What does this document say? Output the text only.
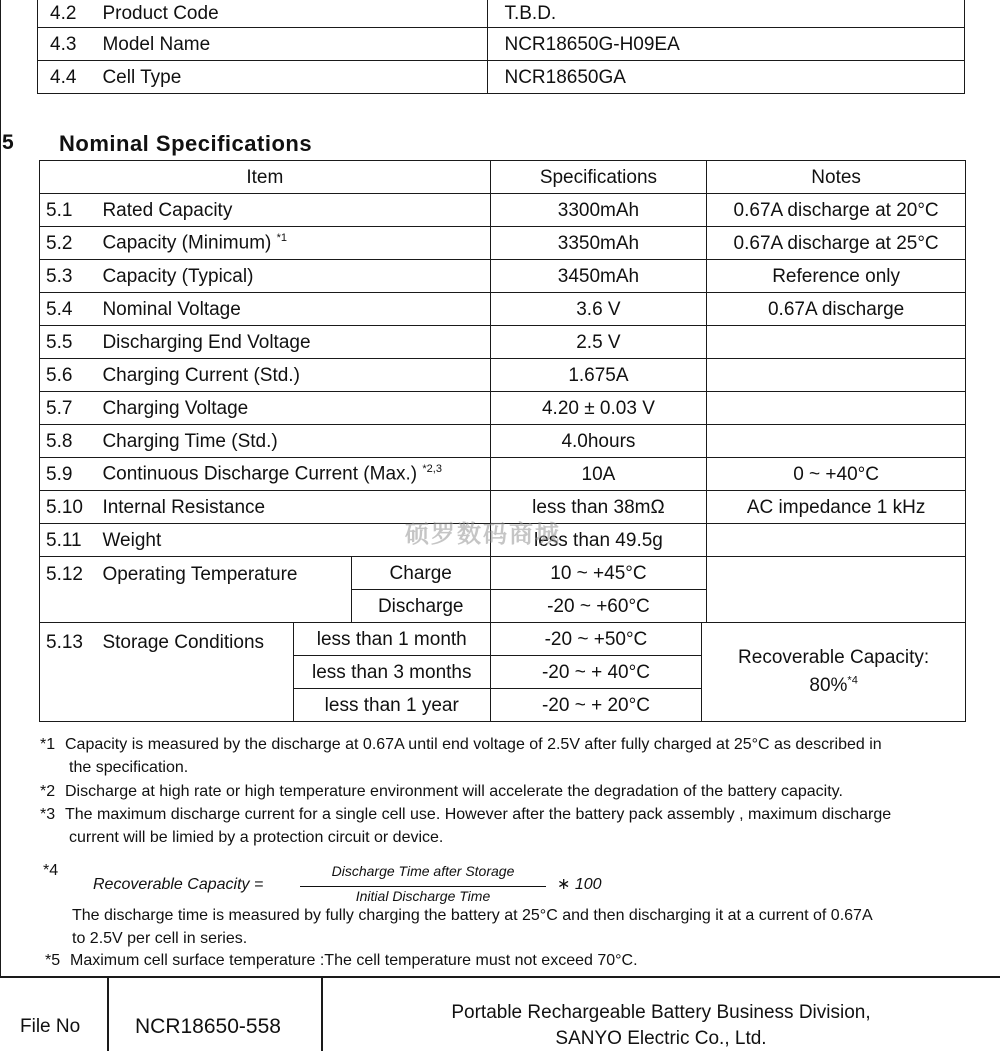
4.2	Product Code	T.B.D.
4.3	Model Name	NCR18650G-H09EA
4.4	Cell Type	NCR18650GA
5 Nominal Specifications
Item				Specifications		Notes
5.1	Rated Capacity			3300mAh		0.67A discharge at 20°C
5.2	Capacity (Minimum) $^{*1}$			3350mAh		0.67A discharge at 25°C
5.3	Capacity (Typical)			3450mAh		Reference only
5.4	Nominal Voltage			3.6 V		0.67A discharge
5.5	Discharging End Voltage			2.5 V		
5.6	Charging Current (Std.)			1.675A		
5.7	Charging Voltage			4.20 ± 0.03 V		
5.8	Charging Time (Std.)			4.0hours		
5.9	Continuous Discharge Current (Max.) $^{*2,3}$			10A		0 ~ +40°C
5.10	Internal Resistance			less than 38mΩ		AC impedance 1 kHz
5.11	Weight			less than 49.5g		
5.12	Operating Temperature		Charge	10 ~ +45°C		
			Discharge	-20 ~ +60°C		
5.13	Storage Conditions	less than 1 month		-20 ~ +50°C	Recoverable Capacity:
80%$^{*4}$
		less than 3 months		-20 ~ + 40°C		
		less than 1 year		-20 ~ + 20°C		
硕罗数码商城
*1 Capacity is measured by the discharge at 0.67A until end voltage of 2.5V after fully charged at 25°C as described in
the specification.
*2 Discharge at high rate or high temperature environment will accelerate the degradation of the battery capacity.
*3 The maximum discharge current for a single cell use. However after the battery pack assembly , maximum discharge
current will be limied by a protection circuit or device.
*4
Recoverable Capacity =
Discharge Time after Storage
Initial Discharge Time
∗ 100
The discharge time is measured by fully charging the battery at 25°C and then discharging it at a current of 0.67A
to 2.5V per cell in series.
*5 Maximum cell surface temperature :The cell temperature must not exceed 70°C.
File No	NCR18650-558
Portable Rechargeable Battery Business Division,
SANYO Electric Co., Ltd.
